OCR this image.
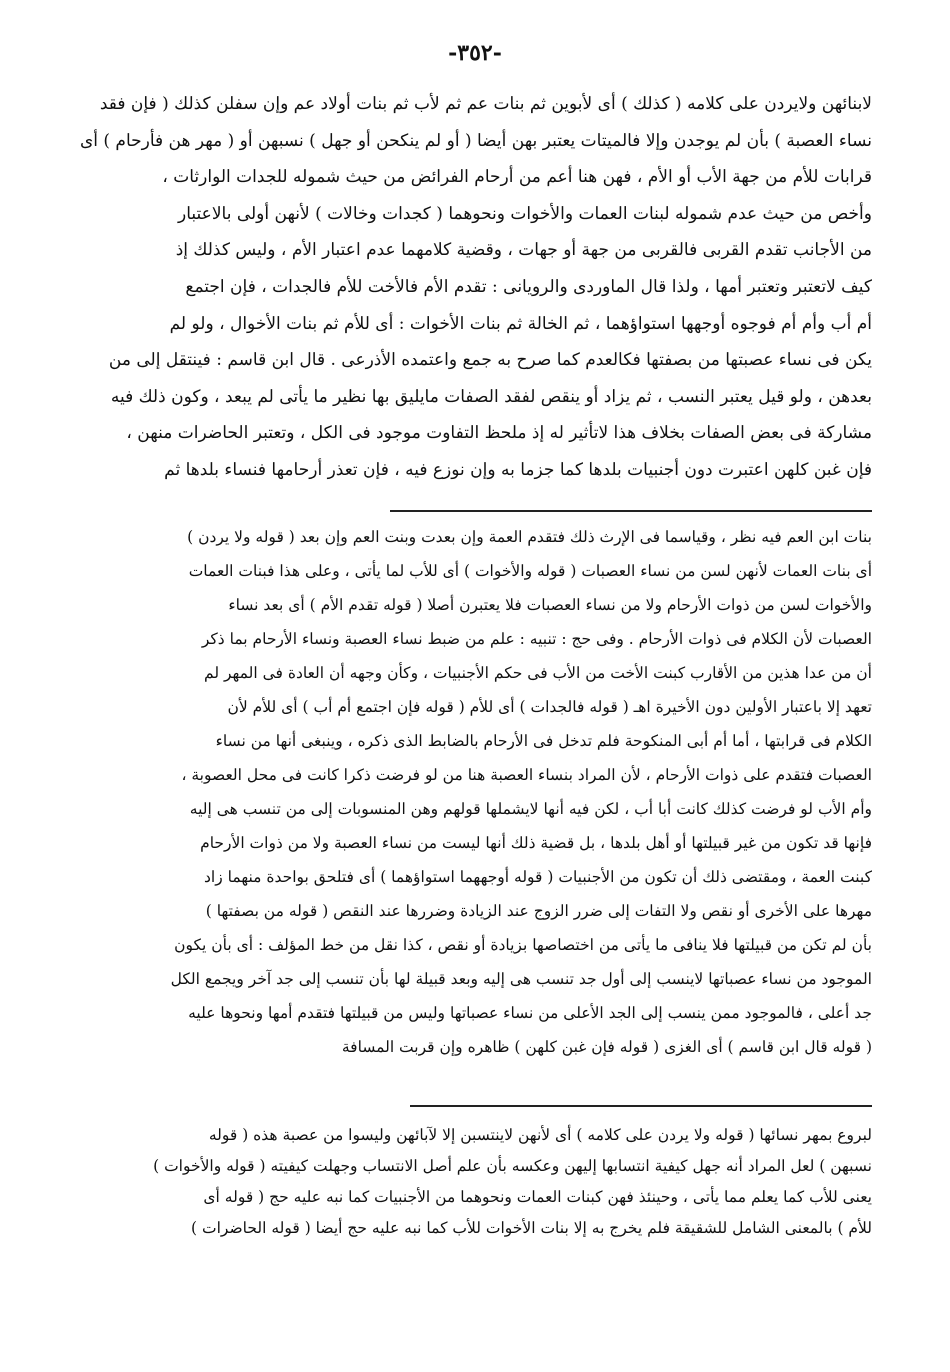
-٣٥٢-

لابنائهن ولايردن على كلامه ( كذلك ) أى لأبوين ثم بنات عم ثم لأب ثم بنات أولاد عم وإن سفلن كذلك ( فإن فقد

نساء العصبة ) بأن لم يوجدن وإلا فالميتات يعتبر بهن أيضا ( أو لم ينكحن أو جهل ) نسبهن أو ( مهر هن فأرحام ) أى

قرابات للأم من جهة الأب أو الأم ، فهن هنا أعم من أرحام الفرائض من حيث شموله للجدات الوارثات ،

وأخص من حيث عدم شموله لبنات العمات والأخوات ونحوهما ( كجدات وخالات ) لأنهن أولى بالاعتبار

من الأجانب تقدم القربى فالقربى من جهة أو جهات ، وقضية كلامهما عدم اعتبار الأم ، وليس كذلك إذ

كيف لاتعتبر وتعتبر أمها ، ولذا قال الماوردى والرويانى : تقدم الأم فالأخت للأم فالجدات ، فإن اجتمع

أم أب وأم أم فوجوه أوجهها استواؤهما ، ثم الخالة ثم بنات الأخوات : أى للأم ثم بنات الأخوال ، ولو لم

يكن فى نساء عصبتها من بصفتها فكالعدم كما صرح به جمع واعتمده الأذرعى . قال ابن قاسم : فينتقل إلى من

بعدهن ، ولو قيل يعتبر النسب ، ثم يزاد أو ينقص لفقد الصفات مايليق بها نظير ما يأتى لم يبعد ، وكون ذلك فيه

مشاركة فى بعض الصفات بخلاف هذا لاتأثير له إذ ملحظ التفاوت موجود فى الكل ، وتعتبر الحاضرات منهن ،

فإن غبن كلهن اعتبرت دون أجنبيات بلدها كما جزما به وإن نوزع فيه ، فإن تعذر أرحامها فنساء بلدها ثم

بنات ابن العم فيه نظر ، وقياسما فى الإرث ذلك فتقدم العمة وإن بعدت وبنت العم وإن بعد ( قوله ولا يردن )

أى بنات العمات لأنهن لسن من نساء العصبات ( قوله والأخوات ) أى للأب لما يأتى ، وعلى هذا فبنات العمات

والأخوات لسن من ذوات الأرحام ولا من نساء العصبات فلا يعتبرن أصلا ( قوله تقدم الأم ) أى بعد نساء

العصبات لأن الكلام فى ذوات الأرحام . وفى حج : تنبيه : علم من ضبط نساء العصبة ونساء الأرحام بما ذكر

أن من عدا هذين من الأقارب كبنت الأخت من الأب فى حكم الأجنبيات ، وكأن وجهه أن العادة فى المهر لم

تعهد إلا باعتبار الأولين دون الأخيرة اهـ ( قوله فالجدات ) أى للأم ( قوله فإن اجتمع أم أب ) أى للأم لأن

الكلام فى قرابتها ، أما أم أبى المنكوحة فلم تدخل فى الأرحام بالضابط الذى ذكره ، وينبغى أنها من نساء

العصبات فتقدم على ذوات الأرحام ، لأن المراد بنساء العصبة هنا من لو فرضت ذكرا كانت فى محل العصوبة ،

وأم الأب لو فرضت كذلك كانت أبا أب ، لكن فيه أنها لايشملها قولهم وهن المنسوبات إلى من تنسب هى إليه

فإنها قد تكون من غير قبيلتها أو أهل بلدها ، بل قضية ذلك أنها ليست من نساء العصبة ولا من ذوات الأرحام

كبنت العمة ، ومقتضى ذلك أن تكون من الأجنبيات ( قوله أوجههما استواؤهما ) أى فتلحق بواحدة منهما زاد

مهرها على الأخرى أو نقص ولا التفات إلى ضرر الزوج عند الزيادة وضررها عند النقص ( قوله من بصفتها )

بأن لم تكن من قبيلتها فلا ينافى ما يأتى من اختصاصها بزيادة أو نقص ، كذا نقل من خط المؤلف : أى بأن يكون

الموجود من نساء عصباتها لاينسب إلى أول جد تنسب هى إليه وبعد قبيلة لها بأن تنسب إلى جد آخر ويجمع الكل

جد أعلى ، فالموجود ممن ينسب إلى الجد الأعلى من نساء عصباتها وليس من قبيلتها فتقدم أمها ونحوها عليه

( قوله قال ابن قاسم ) أى الغزى ( قوله فإن غبن كلهن ) ظاهره وإن قربت المسافة

لبروع بمهر نسائها ( قوله ولا يردن على كلامه ) أى لأنهن لاينتسبن إلا لآبائهن وليسوا من عصبة هذه ( قوله

نسبهن ) لعل المراد أنه جهل كيفية انتسابها إليهن وعكسه بأن علم أصل الانتساب وجهلت كيفيته ( قوله والأخوات )

يعنى للأب كما يعلم مما يأتى ، وحينئذ فهن كبنات العمات ونحوهما من الأجنبيات كما نبه عليه حج ( قوله أى

للأم ) بالمعنى الشامل للشقيقة فلم يخرج به إلا بنات الأخوات للأب كما نبه عليه حج أيضا ( قوله الحاضرات )
